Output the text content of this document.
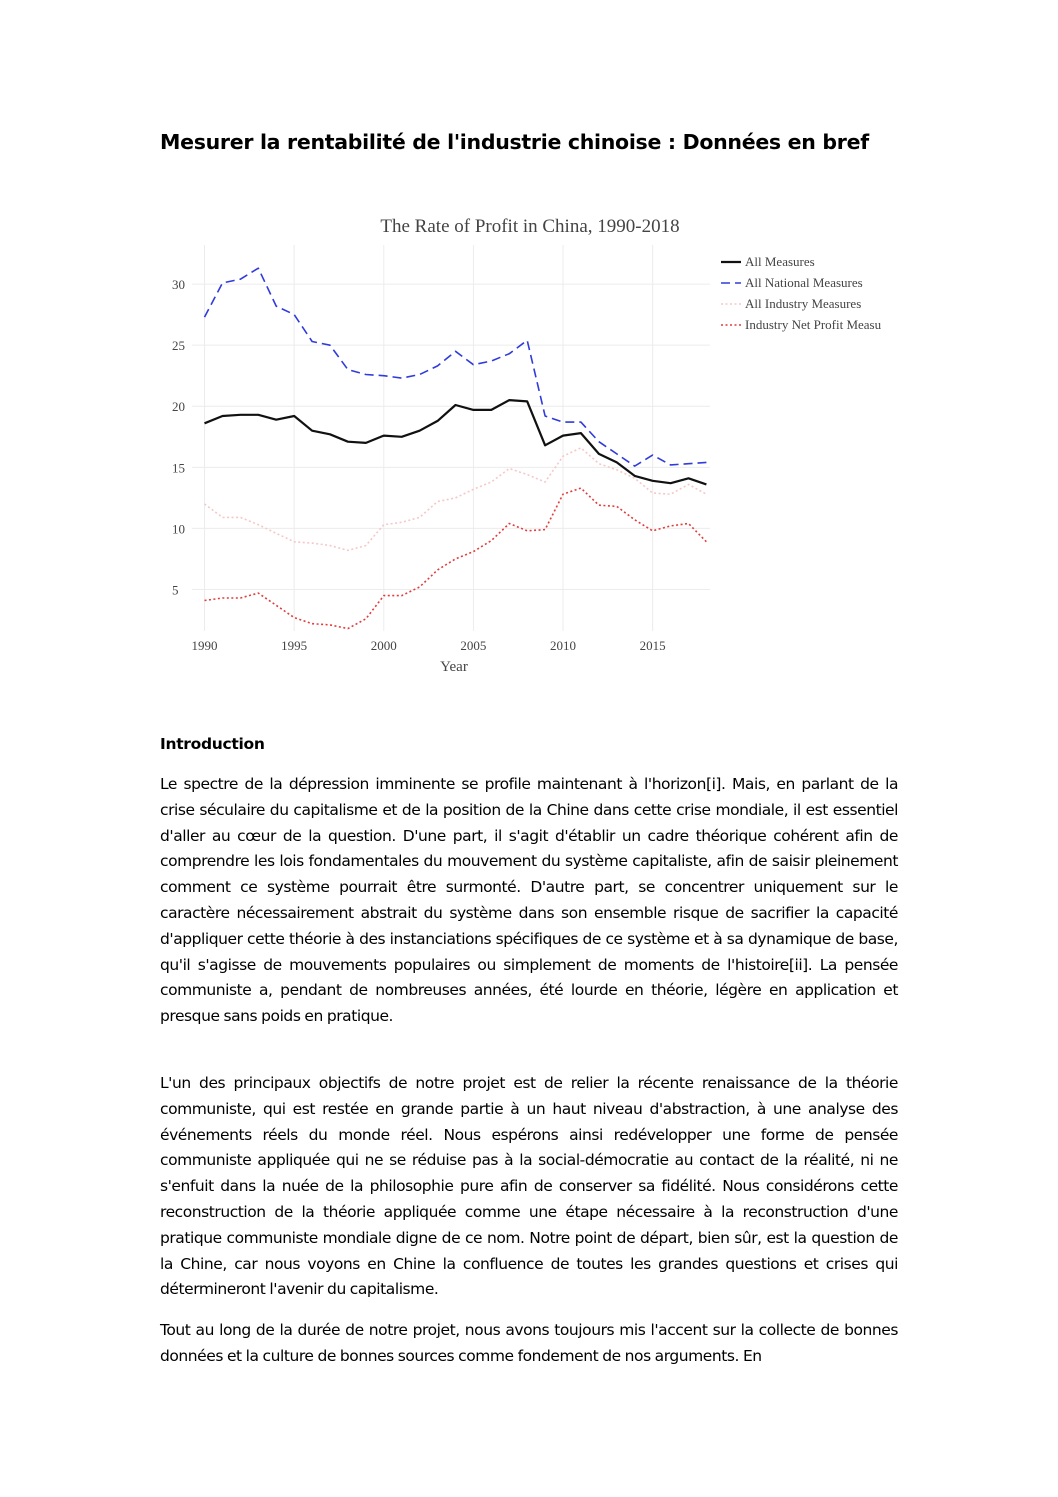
Mesurer la rentabilité de l'industrie chinoise : Données en bref
5
10
15
20
25
30
1990	1995	2000	2005	2010	2015
The Rate of Profit in China, 1990-2018
Year
All Measures
All National Measures
All Industry Measures
Industry Net Profit Measu
Introduction

Le spectre de la dépression imminente se profile maintenant à l'horizon[i]. Mais, en parlant de la crise séculaire du capitalisme et de la position de la Chine dans cette crise mondiale, il est essentiel d'aller au cœur de la question. D'une part, il s'agit d'établir un cadre théorique cohérent afin de comprendre les lois fondamentales du mouvement du système capitaliste, afin de saisir pleinement comment ce système pourrait être surmonté. D'autre part, se concentrer uniquement sur le caractère nécessairement abstrait du système dans son ensemble risque de sacrifier la capacité d'appliquer cette théorie à des instanciations spécifiques de ce système et à sa dynamique de base, qu'il s'agisse de mouvements populaires ou simplement de moments de l'histoire[ii]. La pensée communiste a, pendant de nombreuses années, été lourde en théorie, légère en application et presque sans poids en pratique.

L'un des principaux objectifs de notre projet est de relier la récente renaissance de la théorie communiste, qui est restée en grande partie à un haut niveau d'abstraction, à une analyse des événements réels du monde réel. Nous espérons ainsi redévelopper une forme de pensée communiste appliquée qui ne se réduise pas à la social-démocratie au contact de la réalité, ni ne s'enfuit dans la nuée de la philosophie pure afin de conserver sa fidélité. Nous considérons cette reconstruction de la théorie appliquée comme une étape nécessaire à la reconstruction d'une pratique communiste mondiale digne de ce nom. Notre point de départ, bien sûr, est la question de la Chine, car nous voyons en Chine la confluence de toutes les grandes questions et crises qui détermineront l'avenir du capitalisme.

Tout au long de la durée de notre projet, nous avons toujours mis l'accent sur la collecte de bonnes données et la culture de bonnes sources comme fondement de nos arguments. En
